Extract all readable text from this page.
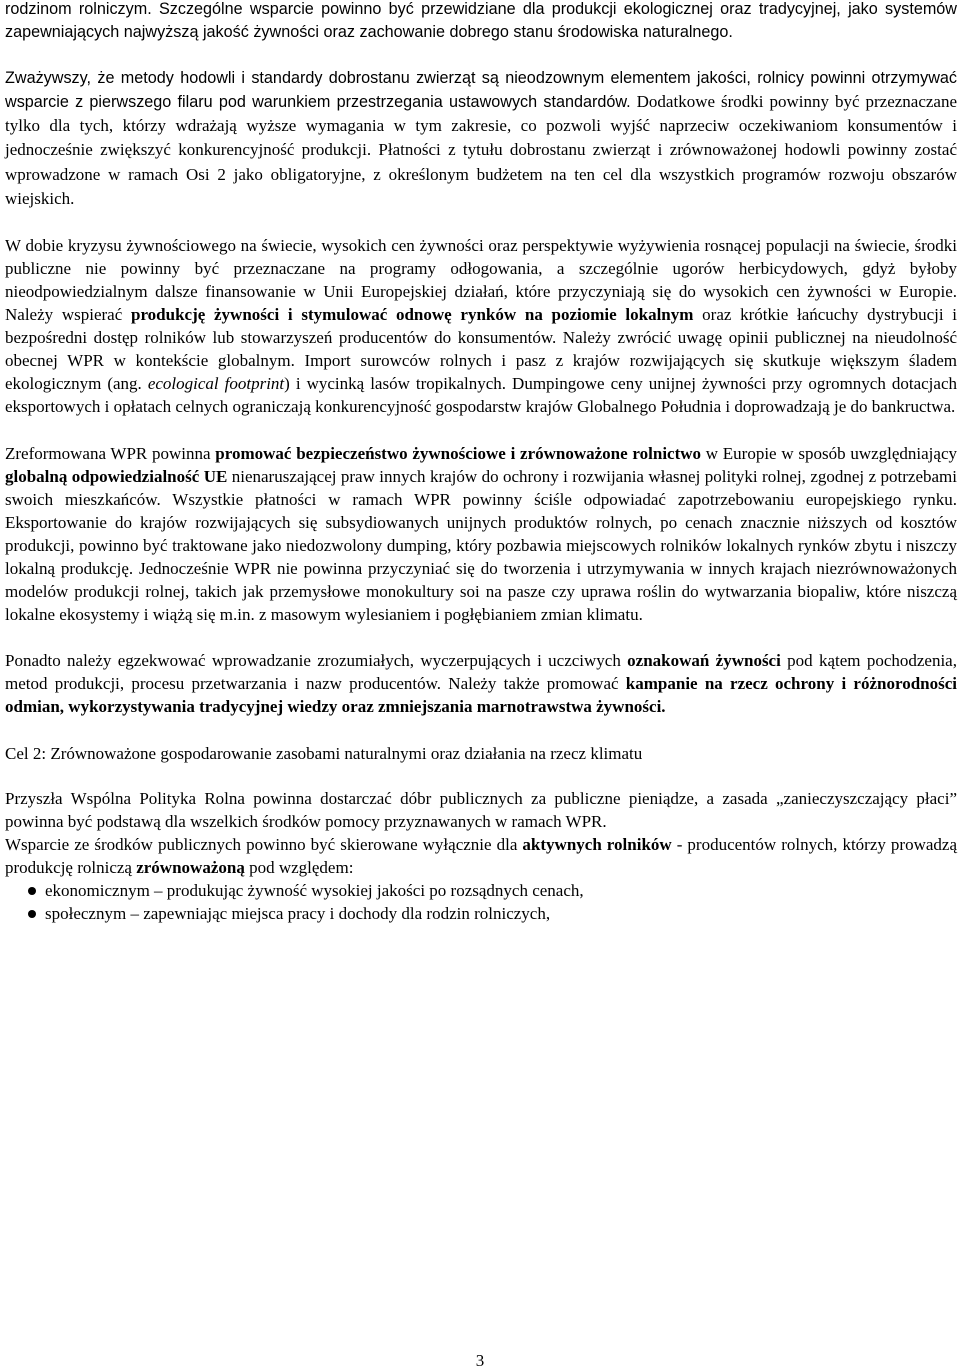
rodzinom rolniczym. Szczególne wsparcie powinno być przewidziane dla produkcji ekologicznej oraz tradycyjnej, jako systemów zapewniających najwyższą jakość żywności oraz zachowanie dobrego stanu środowiska naturalnego.

Zważywszy, że metody hodowli i standardy dobrostanu zwierząt są nieodzownym elementem jakości, rolnicy powinni otrzymywać wsparcie z pierwszego filaru pod warunkiem przestrzegania ustawowych standardów. Dodatkowe środki powinny być przeznaczane tylko dla tych, którzy wdrażają wyższe wymagania w tym zakresie, co pozwoli wyjść naprzeciw oczekiwaniom konsumentów i jednocześnie zwiększyć konkurencyjność produkcji. Płatności z tytułu dobrostanu zwierząt i zrównoważonej hodowli powinny zostać wprowadzone w ramach Osi 2 jako obligatoryjne, z określonym budżetem na ten cel dla wszystkich programów rozwoju obszarów wiejskich.

W dobie kryzysu żywnościowego na świecie, wysokich cen żywności oraz perspektywie wyżywienia rosnącej populacji na świecie, środki publiczne nie powinny być przeznaczane na programy odłogowania, a szczególnie ugorów herbicydowych, gdyż byłoby nieodpowiedzialnym dalsze finansowanie w Unii Europejskiej działań, które przyczyniają się do wysokich cen żywności w Europie. Należy wspierać produkcję żywności i stymulować odnowę rynków na poziomie lokalnym oraz krótkie łańcuchy dystrybucji i bezpośredni dostęp rolników lub stowarzyszeń producentów do konsumentów. Należy zwrócić uwagę opinii publicznej na nieudolność obecnej WPR w kontekście globalnym. Import surowców rolnych i pasz z krajów rozwijających się skutkuje większym śladem ekologicznym (ang. ecological footprint) i wycinką lasów tropikalnych. Dumpingowe ceny unijnej żywności przy ogromnych dotacjach eksportowych i opłatach celnych ograniczają konkurencyjność gospodarstw krajów Globalnego Południa i doprowadzają je do bankructwa.

Zreformowana WPR powinna promować bezpieczeństwo żywnościowe i zrównoważone rolnictwo w Europie w sposób uwzględniający globalną odpowiedzialność UE nienaruszającej praw innych krajów do ochrony i rozwijania własnej polityki rolnej, zgodnej z potrzebami swoich mieszkańców. Wszystkie płatności w ramach WPR powinny ściśle odpowiadać zapotrzebowaniu europejskiego rynku. Eksportowanie do krajów rozwijających się subsydiowanych unijnych produktów rolnych, po cenach znacznie niższych od kosztów produkcji, powinno być traktowane jako niedozwolony dumping, który pozbawia miejscowych rolników lokalnych rynków zbytu i niszczy lokalną produkcję. Jednocześnie WPR nie powinna przyczyniać się do tworzenia i utrzymywania w innych krajach niezrównoważonych modelów produkcji rolnej, takich jak przemysłowe monokultury soi na pasze czy uprawa roślin do wytwarzania biopaliw, które niszczą lokalne ekosystemy i wiążą się m.in. z masowym wylesianiem i pogłębianiem zmian klimatu.

Ponadto należy egzekwować wprowadzanie zrozumiałych, wyczerpujących i uczciwych oznakowań żywności pod kątem pochodzenia, metod produkcji, procesu przetwarzania i nazw producentów. Należy także promować kampanie na rzecz ochrony i różnorodności odmian, wykorzystywania tradycyjnej wiedzy oraz zmniejszania marnotrawstwa żywności.

Cel 2: Zrównoważone gospodarowanie zasobami naturalnymi oraz działania na rzecz klimatu

Przyszła Wspólna Polityka Rolna powinna dostarczać dóbr publicznych za publiczne pieniądze, a zasada „zanieczyszczający płaci” powinna być podstawą dla wszelkich środków pomocy przyznawanych w ramach WPR.

Wsparcie ze środków publicznych powinno być skierowane wyłącznie dla aktywnych rolników - producentów rolnych, którzy prowadzą produkcję rolniczą zrównoważoną pod względem:

ekonomicznym – produkując żywność wysokiej jakości po rozsądnych cenach,
społecznym – zapewniając miejsca pracy i dochody dla rodzin rolniczych,
3
